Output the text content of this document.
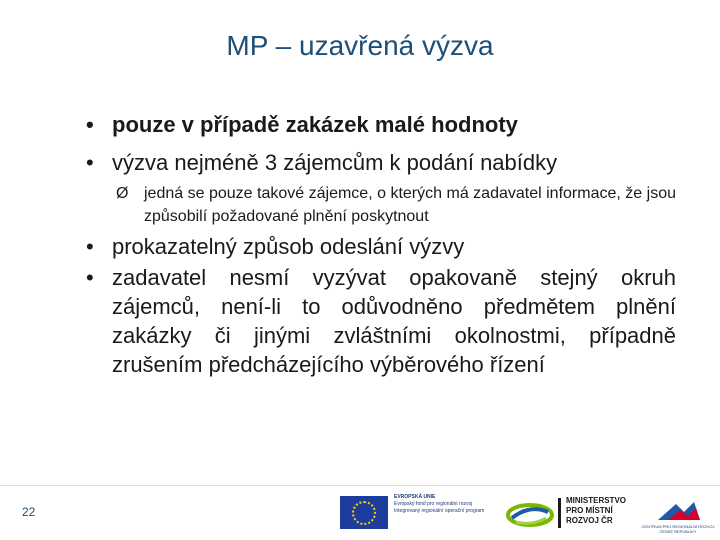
MP – uzavřená výzva
• pouze v případě zakázek malé hodnoty
• výzva nejméně 3 zájemcům k podání nabídky
Ø jedná se pouze takové zájemce, o kterých má zadavatel informace, že jsou způsobilí požadované plnění poskytnout
• prokazatelný způsob odeslání výzvy
• zadavatel nesmí vyzývat opakovaně stejný okruh zájemců, není-li to odůvodněno předmětem plnění zakázky či jinými zvláštními okolnostmi, případně zrušením předcházejícího výběrového řízení
22
EVROPSKÁ UNIE
Evropský fond pro regionální rozvoj
Integrovaný regionální operační program
MINISTERSTVO
PRO MÍSTNÍ
ROZVOJ ČR
CENTRUM PRO REGIONÁLNÍ ROZVOJ ČESKÉ REPUBLIKY
